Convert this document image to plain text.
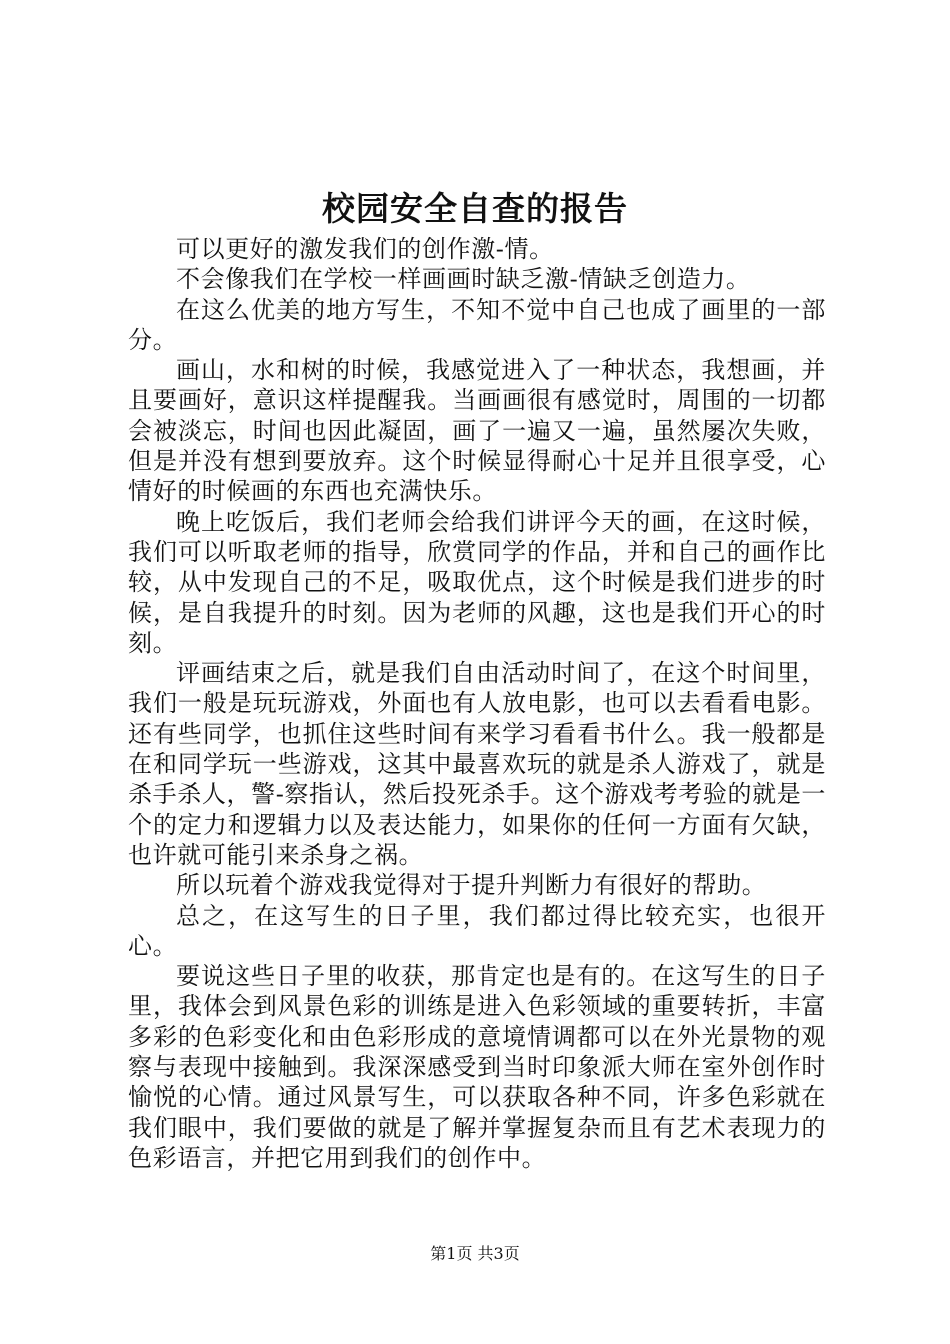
校园安全自查的报告

可以更好的激发我们的创作激-情。

不会像我们在学校一样画画时缺乏激-情缺乏创造力。

在这么优美的地方写生，不知不觉中自己也成了画里的一部分。

画山，水和树的时候，我感觉进入了一种状态，我想画，并且要画好，意识这样提醒我。当画画很有感觉时，周围的一切都会被淡忘，时间也因此凝固，画了一遍又一遍，虽然屡次失败，但是并没有想到要放弃。这个时候显得耐心十足并且很享受，心情好的时候画的东西也充满快乐。

晚上吃饭后，我们老师会给我们讲评今天的画，在这时候，我们可以听取老师的指导，欣赏同学的作品，并和自己的画作比较，从中发现自己的不足，吸取优点，这个时候是我们进步的时候，是自我提升的时刻。因为老师的风趣，这也是我们开心的时刻。

评画结束之后，就是我们自由活动时间了，在这个时间里，我们一般是玩玩游戏，外面也有人放电影，也可以去看看电影。还有些同学，也抓住这些时间有来学习看看书什么。我一般都是在和同学玩一些游戏，这其中最喜欢玩的就是杀人游戏了，就是杀手杀人，警-察指认，然后投死杀手。这个游戏考考验的就是一个的定力和逻辑力以及表达能力，如果你的任何一方面有欠缺，也许就可能引来杀身之祸。

所以玩着个游戏我觉得对于提升判断力有很好的帮助。

总之，在这写生的日子里，我们都过得比较充实，也很开心。

要说这些日子里的收获，那肯定也是有的。在这写生的日子里，我体会到风景色彩的训练是进入色彩领域的重要转折，丰富多彩的色彩变化和由色彩形成的意境情调都可以在外光景物的观察与表现中接触到。我深深感受到当时印象派大师在室外创作时愉悦的心情。通过风景写生，可以获取各种不同，许多色彩就在我们眼中，我们要做的就是了解并掌握复杂而且有艺术表现力的色彩语言，并把它用到我们的创作中。

第1页 共3页
